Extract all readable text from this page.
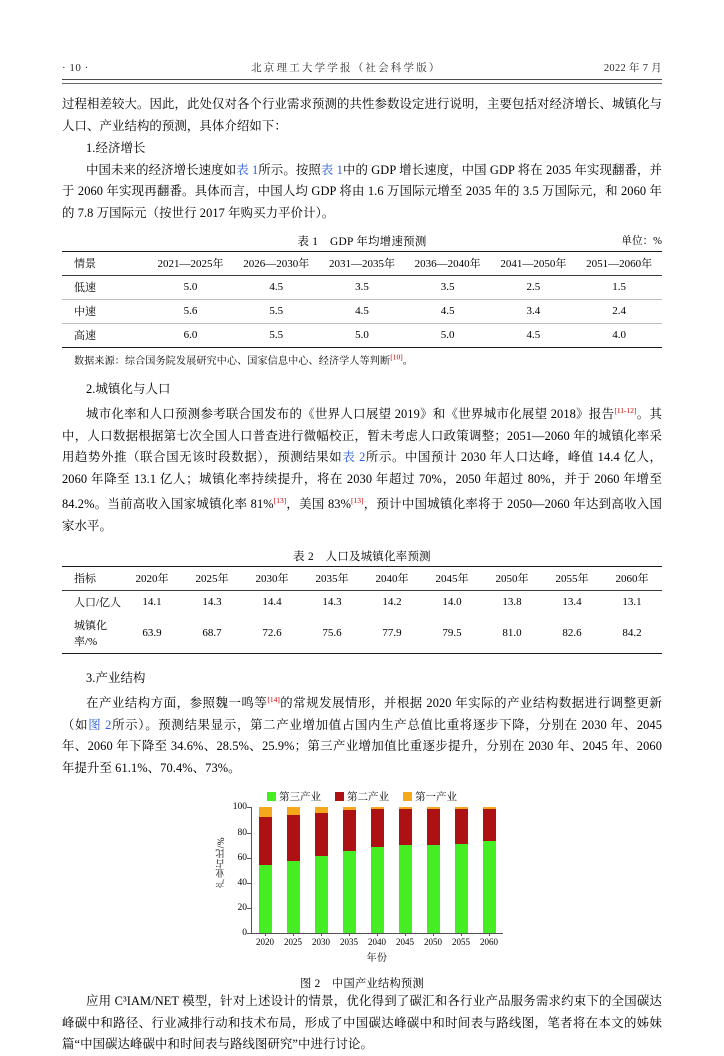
· 10 ·	北京理工大学学报（社会科学版）	2022 年 7 月

过程相差较大。因此，此处仅对各个行业需求预测的共性参数设定进行说明，主要包括对经济增长、城镇化与人口、产业结构的预测，具体介绍如下：

1.经济增长

中国未来的经济增长速度如表 1所示。按照表 1中的 GDP 增长速度，中国 GDP 将在 2035 年实现翻番，并于 2060 年实现再翻番。具体而言，中国人均 GDP 将由 1.6 万国际元增至 2035 年的 3.5 万国际元，和 2060 年的 7.8 万国际元（按世行 2017 年购买力平价计）。

表 1　GDP 年均增速预测	单位：%
情景	2021—2025年	2026—2030年	2031—2035年	2036—2040年	2041—2050年	2051—2060年
低速	5.0	4.5	3.5	3.5	2.5	1.5
中速	5.6	5.5	4.5	4.5	3.4	2.4
高速	6.0	5.5	5.0	5.0	4.5	4.0
数据来源：综合国务院发展研究中心、国家信息中心、经济学人等判断[10]。

2.城镇化与人口

城市化率和人口预测参考联合国发布的《世界人口展望 2019》和《世界城市化展望 2018》报告[11-12]。其中，人口数据根据第七次全国人口普查进行微幅校正，暂未考虑人口政策调整；2051—2060 年的城镇化率采用趋势外推（联合国无该时段数据），预测结果如表 2所示。中国预计 2030 年人口达峰，峰值 14.4 亿人，2060 年降至 13.1 亿人；城镇化率持续提升，将在 2030 年超过 70%，2050 年超过 80%，并于 2060 年增至 84.2%。当前高收入国家城镇化率 81%[13]，美国 83%[13]，预计中国城镇化率将于 2050—2060 年达到高收入国家水平。

表 2　人口及城镇化率预测
指标	2020年	2025年	2030年	2035年	2040年	2045年	2050年	2055年	2060年
人口/亿人	14.1	14.3	14.4	14.3	14.2	14.0	13.8	13.4	13.1
城镇化率/%	63.9	68.7	72.6	75.6	77.9	79.5	81.0	82.6	84.2

3.产业结构

在产业结构方面，参照魏一鸣等[14]的常规发展情形，并根据 2020 年实际的产业结构数据进行调整更新（如图 2所示）。预测结果显示，第二产业增加值占国内生产总值比重将逐步下降，分别在 2030 年、2045 年、2060 年下降至 34.6%、28.5%、25.9%；第三产业增加值比重逐步提升，分别在 2030 年、2045 年、2060 年提升至 61.1%、70.4%、73%。

第三产业 第二产业 第一产业
产业占比/%
0
20
40
60
80
100
2020 2025 2030 2035 2040 2045 2050 2055 2060
年份
图 2　中国产业结构预测

应用 C³IAM/NET 模型，针对上述设计的情景，优化得到了碳汇和各行业产品服务需求约束下的全国碳达峰碳中和路径、行业减排行动和技术布局，形成了中国碳达峰碳中和时间表与路线图，笔者将在本文的姊妹篇“中国碳达峰碳中和时间表与路线图研究”中进行讨论。
